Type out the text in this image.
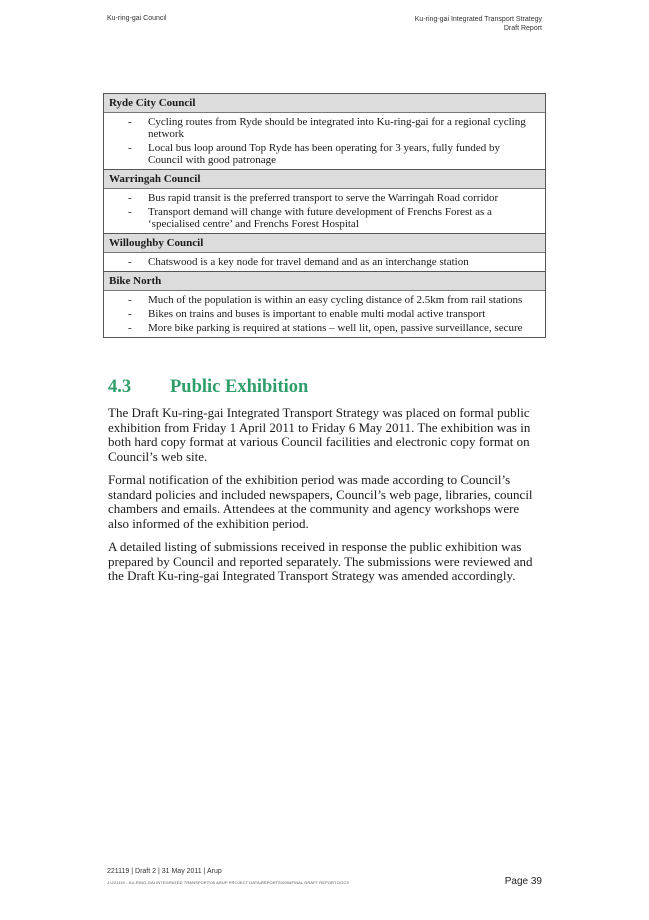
Ku-ring-gai Council	Ku-ring-gai Integrated Transport Strategy
Draft Report
Ryde City Council
-	Cycling routes from Ryde should be integrated into Ku-ring-gai for a regional cycling network
-	Local bus loop around Top Ryde has been operating for 3 years, fully funded by Council with good patronage
Warringah Council
-	Bus rapid transit is the preferred transport to serve the Warringah Road corridor
-	Transport demand will change with future development of Frenchs Forest as a ‘specialised centre’ and Frenchs Forest Hospital
Willoughby Council
-	Chatswood is a key node for travel demand and as an interchange station
Bike North
-	Much of the population is within an easy cycling distance of 2.5km from rail stations
-	Bikes on trains and buses is important to enable multi modal active transport
-	More bike parking is required at stations – well lit, open, passive surveillance, secure
4.3 Public Exhibition

The Draft Ku-ring-gai Integrated Transport Strategy was placed on formal public exhibition from Friday 1 April 2011 to Friday 6 May 2011. The exhibition was in both hard copy format at various Council facilities and electronic copy format on Council’s web site.

Formal notification of the exhibition period was made according to Council’s standard policies and included newspapers, Council’s web page, libraries, council chambers and emails. Attendees at the community and agency workshops were also informed of the exhibition period.

A detailed listing of submissions received in response the public exhibition was prepared by Council and reported separately. The submissions were reviewed and the Draft Ku-ring-gai Integrated Transport Strategy was amended accordingly.

221119 | Draft 2 | 31 May 2011 | Arup
J:\221119 - KU-RING-GAI INTEGRATED TRANSPORT\05 ARUP PROJECT DATA\REPORTS\0006FINAL DRAFT REPORT.DOCX	Page 39
